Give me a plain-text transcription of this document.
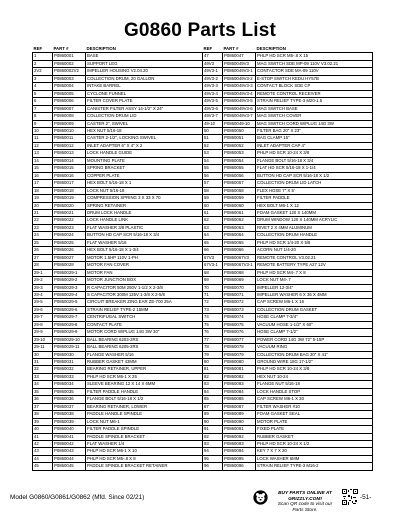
G0860 Parts List
REF	PART #	DESCRIPTION
1	P0860001	BASE
2	P0860002	SUPPORT LEG
2V2	P0860002V2	IMPELLER HOUSING V2.04.20
3	P0860003	COLLECTION DRUM, 20 GALLON
4	P0860004	INTAKE BARREL
5	P0860005	CYCLONE FUNNEL
6	P0860006	FILTER COVER PLATE
7	P0860007	CANISTER FILTER ASSY 14-1/2" X 24"
8	P0860008	COLLECTION DRUM LID
9	P0860009	CASTER 2", SWIVEL
10	P0860010	HEX NUT 5/16-18
11	P0860011	CASTER 2-1/2", LOCKING SWIVEL
12	P0860012	INLET ADAPTER 6" X 4" X 2
13	P0860013	LOCK HANDLE GUIDE
14	P0860014	MOUNTING PLATE
15	P0860015	SPRING BRACKET
16	P0860016	COPPER PLATE
17	P0860017	HEX BOLT 5/16-18 X 1
18	P0860018	LOCK NUT 5/16-18
19	P0860019	COMPRESSION SPRING 3 X 33 X 70
20	P0860020	SPRING RETAINER
21	P0860021	DRUM LOCK HANDLE
22	P0860022	LOCK HANDLE LINK
23	P0860023	FLAT WASHER 3/8 PLASTIC
24	P0860024	BUTTON HD CAP SCR 5/16-18 X 3/4
25	P0860025	FLAT WASHER 5/16
26	P0860026	HEX BOLT 5/16-18 X 1-3/4
27	P0860027	MOTOR 1.5HP 110V 1-PH
28	P0860028	MOTOR FAN COVER
29-1	P0860029-1	MOTOR FAN
29-2	P0860029-2	MOTOR JUNCTION BOX
29-3	P0860029-3	R CAPACITOR 50M 250V 1-1/2 X 2-3/8
29-4	P0860029-4	S CAPACITOR 300M 125V 1-3/8 X 2-5/8
29-5	P0860029-5	CIRCUIT BREAKER ZING EAR ZE-700 25A
29-6	P0860029-6	STRAIN RELIEF TYPE-2 15MM
29-7	P0860029-7	CENTRIFUGAL SWITCH
29-8	P0860029-8	CONTACT PLATE
29-9	P0860029-9	MOTOR CORD W/PLUG 14G 3W 30"
29-10	P0860029-10	BALL BEARING 6203-2RS
29-11	P0860029-11	BALL BEARING 6205-2RS
30	P0860030	FLANGE WASHER 5/16
31	P0860031	RUBBER GASKET 43MM
32	P0860032	BEARING RETAINER, UPPER
33	P0860033	PHLP HD SCR M6-1 X 25
34	P0860034	SLEEVE BEARING 12 X 14 X 6MM
35	P0860035	FILTER PADDLE HANDLE
36	P0860036	FLANGE BOLT 5/16-18 X 1/2
37	P0860037	BEARING RETAINER, LOWER
38	P0860038	PADDLE HANDLE SPINDLE
39	P0860039	LOCK NUT M6-1
40	P0860040	FILTER PADDLE SPINDLE
41	P0860041	PADDLE SPINDLE BRACKET
42	P0860042	FLAT WASHER 1/4
43	P0860043	PHLP HD SCR M6-1 X 10
44	P0860044	PHLP HD SCR M5-.8 X 8
45	P0860045	PADDLE SPINDLE BRACKET RETAINER
REF	PART #	DESCRIPTION
47	P0860047	PHLP HD SCR M5-.8 X 15
49V3	P0860049V3	MAG SWITCH SDE MP-09 110V V3.02.21
49V3-1	P0860049V3-1	CONTACTOR SDE MA-09 110V
49V3-2	P0860049V3-2	E-STOP SWITCH KEDU HY57B
49V3-3	P0860049V3-3	CONTACT BLOCK SDE CP
49V3-4	P0860049V3-4	REMOTE CONTROL RECEIVER
49V3-5	P0860049V3-5	STRAIN RELIEF TYPE-3 M20-1.5
49V3-6	P0860049V3-6	MAG SWITCH BASE
49V3-7	P0860049V3-7	MAG SWITCH COVER
49-10	P0860049-10	MAG SWITCH CORD W/PLUG 14G 3W
50	P0860050	FILTER BAG 20" X 23"
51	P0860051	BAG CLAMP 15"
52	P0860052	INLET ADAPTER CAP 4"
53	P0860053	PHLP HD SCR 10-24 X 3/8
54	P0860054	FLANGE BOLT 5/16-18 X 3/4
55	P0860055	FLAT HD SCR 5/16-18 X 1-1/4
56	P0860056	BUTTON HD CAP SCR 5/16-18 X 1/2
57	P0860057	COLLECTION DRUM LID LATCH
58	P0860058	FLEX HOSE 7" X 5'
59	P0860059	FILTER PADDLE
60	P0860060	HEX BOLT M6-1 X 12
61	P0860061	FOAM GASKET 120 X 140MM
62	P0860062	DRUM WINDOW 120 X 140MM ACRYLIC
63	P0860063	RIVET 2 X 4MM ALUMINUM
64	P0860064	COLLECTION DRUM HANDLE
65	P0860065	PHLP HD SCR 1/4-20 X 5/8
66	P0860066	ACORN NUT 1/4-20
67V3	P0860067V3	REMOTE CONTROL V3.02.21
67V3-1	P0860067V3-1	REMOTE BATTERY TYPE A27 12V
68	P0860068	PHLP HD SCR M4-.7 X 8
69	P0860069	LOCK NUT M4-.7
70	P0860070	IMPELLER 12-3/4"
71	P0860071	IMPELLER WASHER 6 X 36 X 4MM
72	P0860072	CAP SCREW M6-1 X 16
73	P0860073	COLLECTION DRUM GASKET
74	P0860074	HOSE CLAMP 7-3/4"
75	P0860075	VACUUM HOSE 1-1/2" X 60"
76	P0860076	HOSE CLAMP 7-1/2"
77	P0860077	POWER CORD 14G 3W 72" 5-15P
78	P0860078	VACUUM RING
79	P0860079	COLLECTION DRUM BAG 30" X 41"
80	P0860080	GROUND WIRE 18G 17-1/2"
81	P0860081	PHLP HD SCR 10-24 X 3/8
82	P0860082	HEX NUT 10-24
83	P0860083	FLANGE NUT 5/16-18
84	P0860084	LOCK HANDLE STOP
85	P0860085	CAP SCREW M6-1 X 30
87	P0860087	FILTER WASHER #10
89	P0860089	FOAM GASKET SEAL
90	P0860090	MOTOR PLATE
91	P0860091	FIXED PLATE
92	P0860092	RUBBER GASKET
93	P0860093	PHLP HD SCR 10-24 X 1/2
94	P0860094	KEY 7 X 7 X 20
95	P0860095	LOCK WASHER 6MM
96	P0860096	STRAIN RELIEF TYPE-3 M16-2
Model G0860/G0861/G0862 (Mfd. Since 02/21)
BUY PARTS ONLINE AT GRIZZLY.COM!
Scan QR code to visit our Parts Store.
-51-
